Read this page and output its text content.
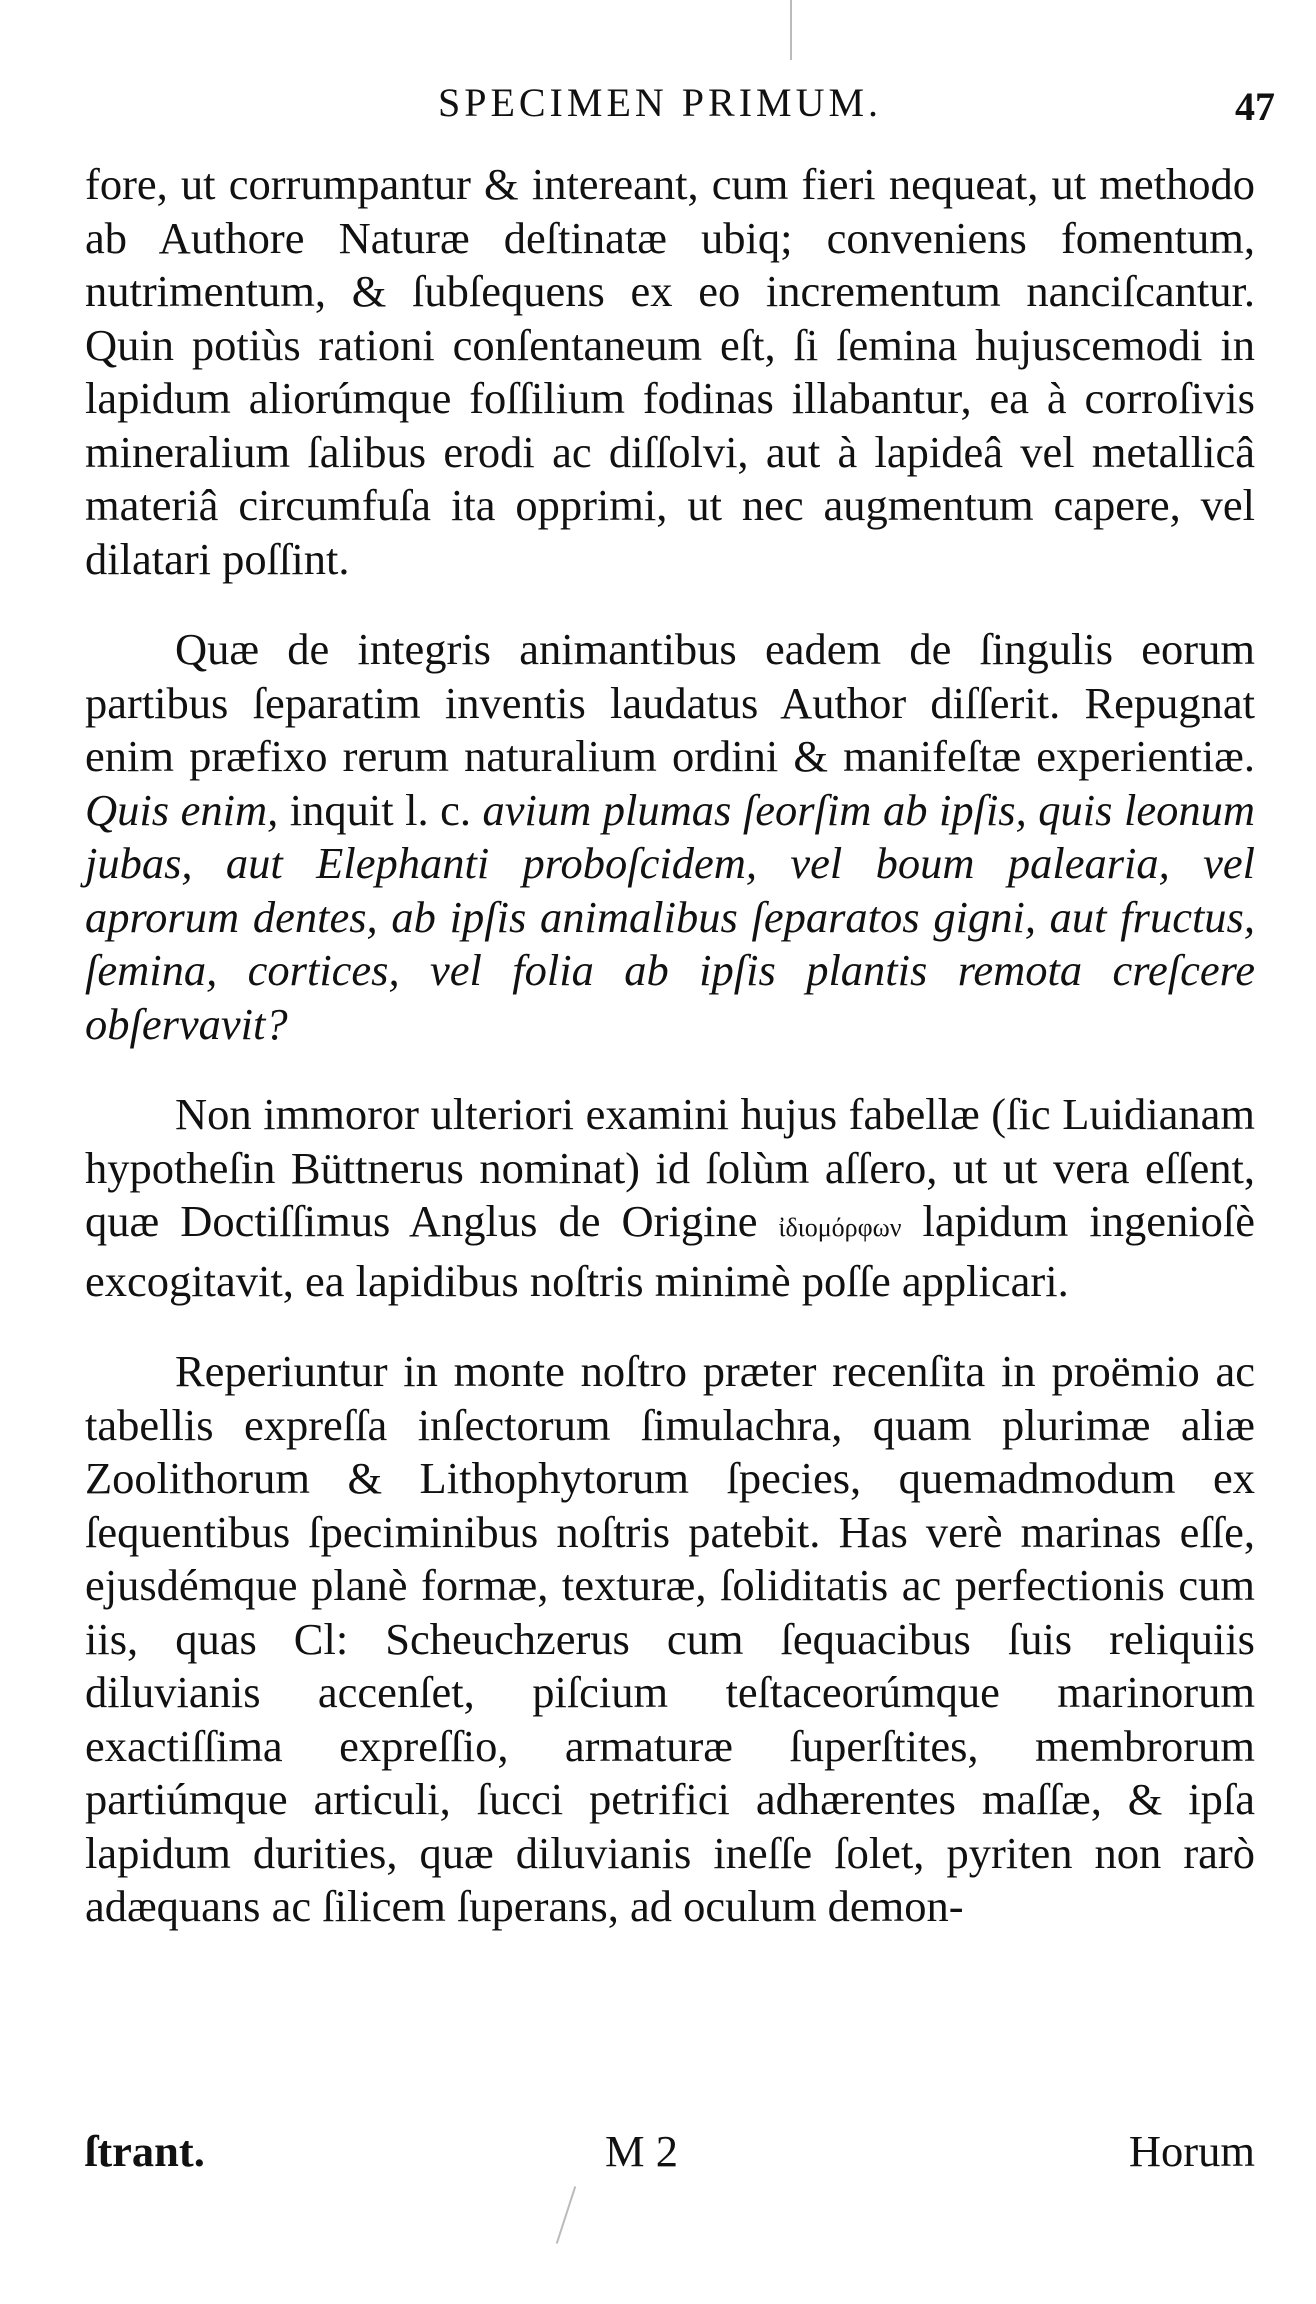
SPECIMEN PRIMUM.	47

fore, ut corrumpantur & intereant, cum fieri nequeat, ut methodo ab Authore Naturæ deſtinatæ ubiq; conveniens fomentum, nutrimentum, & ſubſequens ex eo incrementum nanciſcantur. Quin potiùs rationi conſentaneum eſt, ſi ſemina hujuscemodi in lapidum aliorúmque foſſilium fodinas illabantur, ea à corroſivis mineralium ſalibus erodi ac diſſolvi, aut à lapideâ vel metallicâ materiâ circumfuſa ita opprimi, ut nec augmentum capere, vel dilatari poſſint.

Quæ de integris animantibus eadem de ſingulis eorum partibus ſeparatim inventis laudatus Author diſſerit. Repugnat enim præfixo rerum naturalium ordini & manifeſtæ experientiæ. Quis enim, inquit l. c. avium plumas ſeorſim ab ipſis, quis leonum jubas, aut Elephanti proboſcidem, vel boum palearia, vel aprorum dentes, ab ipſis animalibus ſeparatos gigni, aut fructus, ſemina, cortices, vel folia ab ipſis plantis remota creſcere obſervavit?

Non immoror ulteriori examini hujus fabellæ (ſic Luidianam hypotheſin Büttnerus nominat) id ſolùm aſſero, ut ut vera eſſent, quæ Doctiſſimus Anglus de Origine ἰδιομόρφων lapidum ingenioſè excogitavit, ea lapidibus noſtris minimè poſſe applicari.

Reperiuntur in monte noſtro præter recenſita in proëmio ac tabellis expreſſa inſectorum ſimulachra, quam plurimæ aliæ Zoolithorum & Lithophytorum ſpecies, quemadmodum ex ſequentibus ſpeciminibus noſtris patebit. Has verè marinas eſſe, ejusdémque planè formæ, texturæ, ſoliditatis ac perfectionis cum iis, quas Cl: Scheuchzerus cum ſequacibus ſuis reliquiis diluvianis accenſet, piſcium teſtaceorúmque marinorum exactiſſima expreſſio, armaturæ ſuperſtites, membrorum partiúmque articuli, ſucci petrifici adhærentes maſſæ, & ipſa lapidum durities, quæ diluvianis ineſſe ſolet, pyriten non rarò adæquans ac ſilicem ſuperans, ad oculum demon-

ſtrant.	M 2	Horum
